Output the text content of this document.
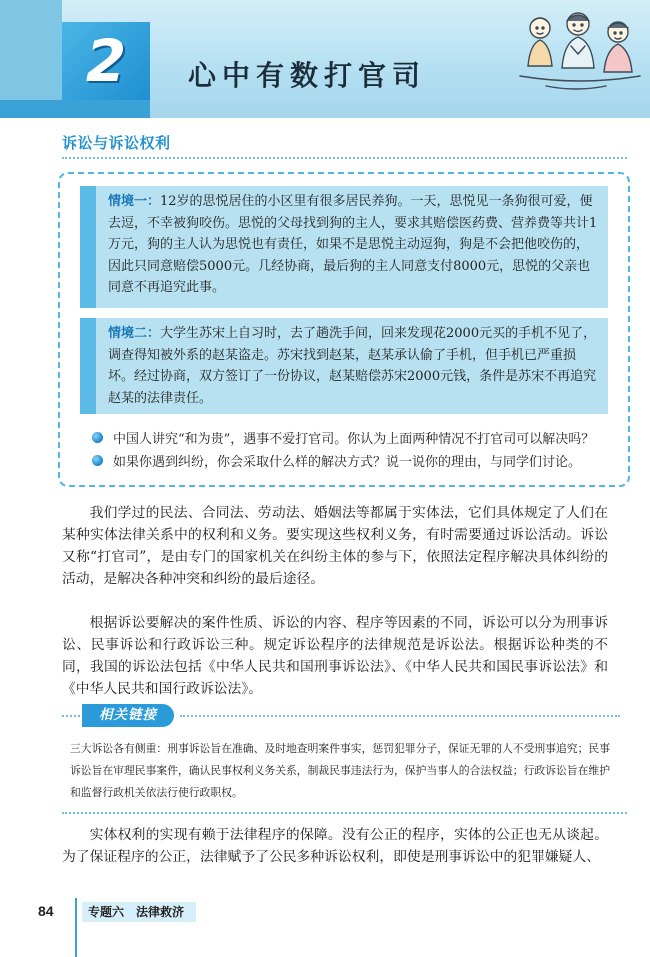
2	心中有数打官司
诉讼与诉讼权利
情境一：12岁的思悦居住的小区里有很多居民养狗。一天，思悦见一条狗很可爱，便去逗，不幸被狗咬伤。思悦的父母找到狗的主人，要求其赔偿医药费、营养费等共计1万元，狗的主人认为思悦也有责任，如果不是思悦主动逗狗，狗是不会把他咬伤的，因此只同意赔偿5000元。几经协商，最后狗的主人同意支付8000元，思悦的父亲也同意不再追究此事。
情境二：大学生苏宋上自习时，去了趟洗手间，回来发现花2000元买的手机不见了，调查得知被外系的赵某盗走。苏宋找到赵某，赵某承认偷了手机，但手机已严重损坏。经过协商，双方签订了一份协议，赵某赔偿苏宋2000元钱，条件是苏宋不再追究赵某的法律责任。
中国人讲究“和为贵”，遇事不爱打官司。你认为上面两种情况不打官司可以解决吗？
如果你遇到纠纷，你会采取什么样的解决方式？说一说你的理由，与同学们讨论。

我们学过的民法、合同法、劳动法、婚姻法等都属于实体法，它们具体规定了人们在某种实体法律关系中的权利和义务。要实现这些权利义务，有时需要通过诉讼活动。诉讼又称“打官司”，是由专门的国家机关在纠纷主体的参与下，依照法定程序解决具体纠纷的活动，是解决各种冲突和纠纷的最后途径。

根据诉讼要解决的案件性质、诉讼的内容、程序等因素的不同，诉讼可以分为刑事诉讼、民事诉讼和行政诉讼三种。规定诉讼程序的法律规范是诉讼法。根据诉讼种类的不同，我国的诉讼法包括《中华人民共和国刑事诉讼法》、《中华人民共和国民事诉讼法》和《中华人民共和国行政诉讼法》。

相关链接

三大诉讼各有侧重：刑事诉讼旨在准确、及时地查明案件事实，惩罚犯罪分子，保证无罪的人不受刑事追究；民事诉讼旨在审理民事案件，确认民事权利义务关系，制裁民事违法行为，保护当事人的合法权益；行政诉讼旨在维护和监督行政机关依法行使行政职权。

实体权利的实现有赖于法律程序的保障。没有公正的程序，实体的公正也无从谈起。为了保证程序的公正，法律赋予了公民多种诉讼权利，即使是刑事诉讼中的犯罪嫌疑人、

84	专题六　法律救济
